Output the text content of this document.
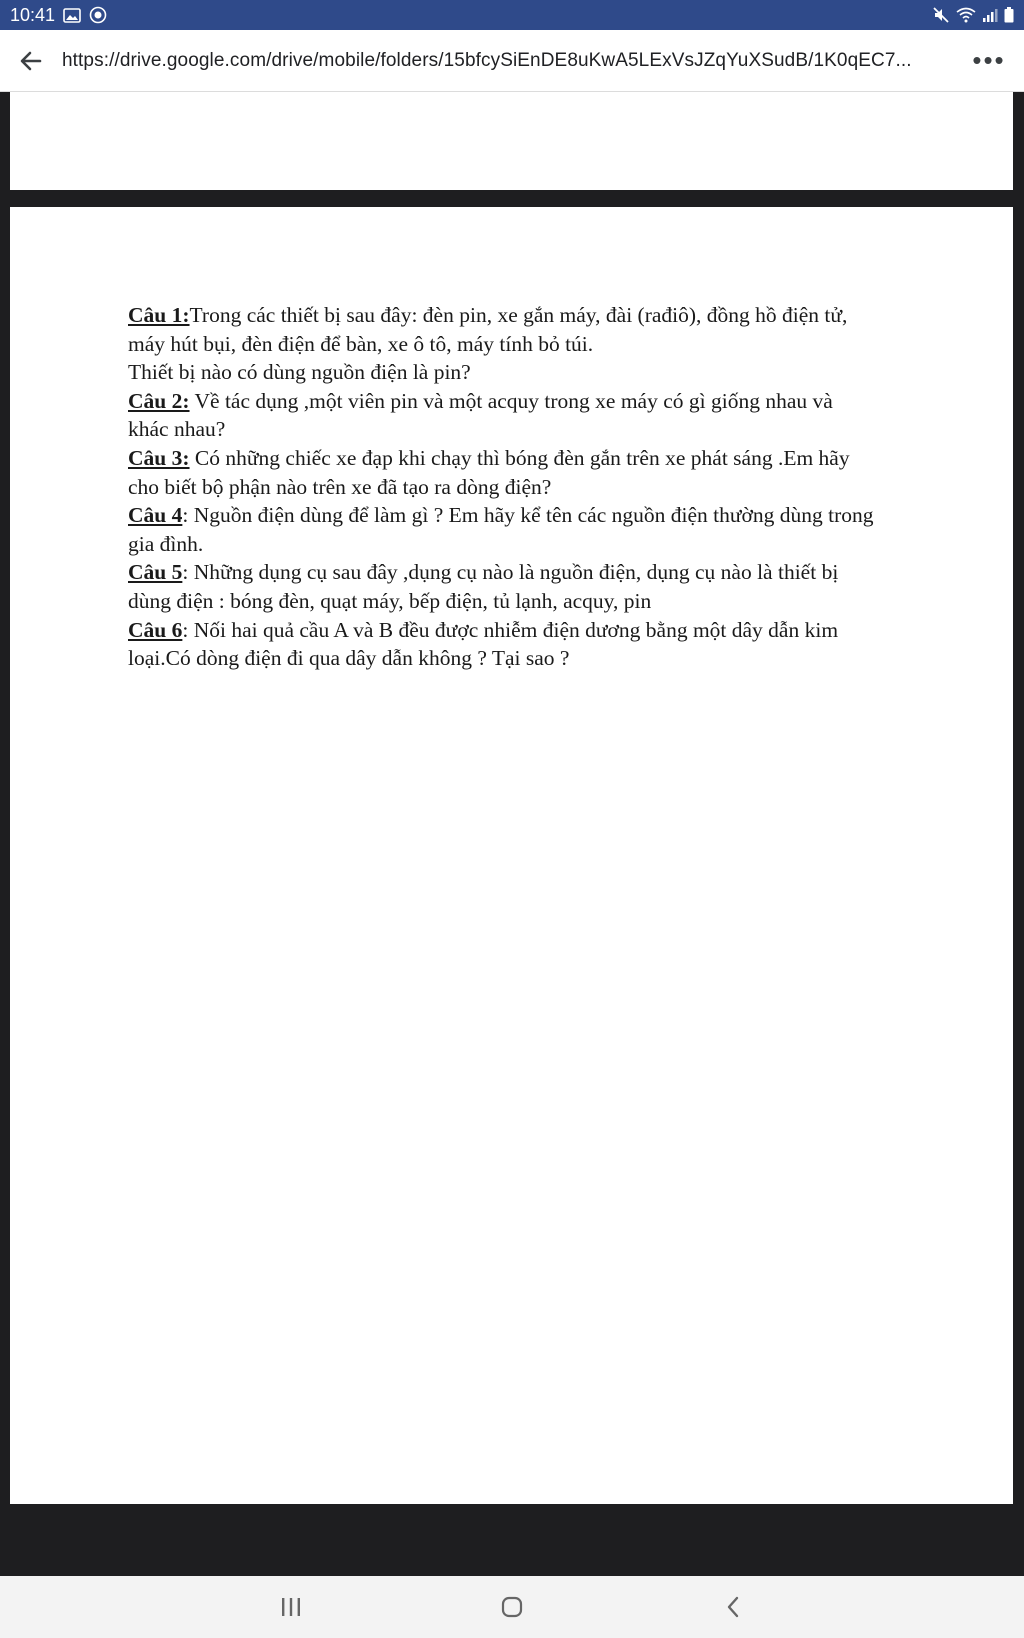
10:41
https://drive.google.com/drive/mobile/folders/15bfcySiEnDE8uKwA5LExVsJZqYuXSudB/1K0qEC7...	•••

Câu 1:Trong các thiết bị sau đây: đèn pin, xe gắn máy, đài (rađiô), đồng hồ điện tử,

máy hút bụi, đèn điện để bàn, xe ô tô, máy tính bỏ túi.

Thiết bị nào có dùng nguồn điện là pin?

Câu 2: Về tác dụng ,một viên pin và một acquy trong xe máy có gì giống nhau và

khác nhau?

Câu 3: Có những chiếc xe đạp khi chạy thì bóng đèn gắn trên xe phát sáng .Em hãy

cho biết bộ phận nào trên xe đã tạo ra dòng điện?

Câu 4: Nguồn điện dùng để làm gì ? Em hãy kể tên các nguồn điện thường dùng trong

gia đình.

Câu 5: Những dụng cụ sau đây ,dụng cụ nào là nguồn điện, dụng cụ nào là thiết bị

dùng điện : bóng đèn, quạt máy, bếp điện, tủ lạnh, acquy, pin

Câu 6: Nối hai quả cầu A và B đều được nhiễm điện dương bằng một dây dẫn kim

loại.Có dòng điện đi qua dây dẫn không ? Tại sao ?
